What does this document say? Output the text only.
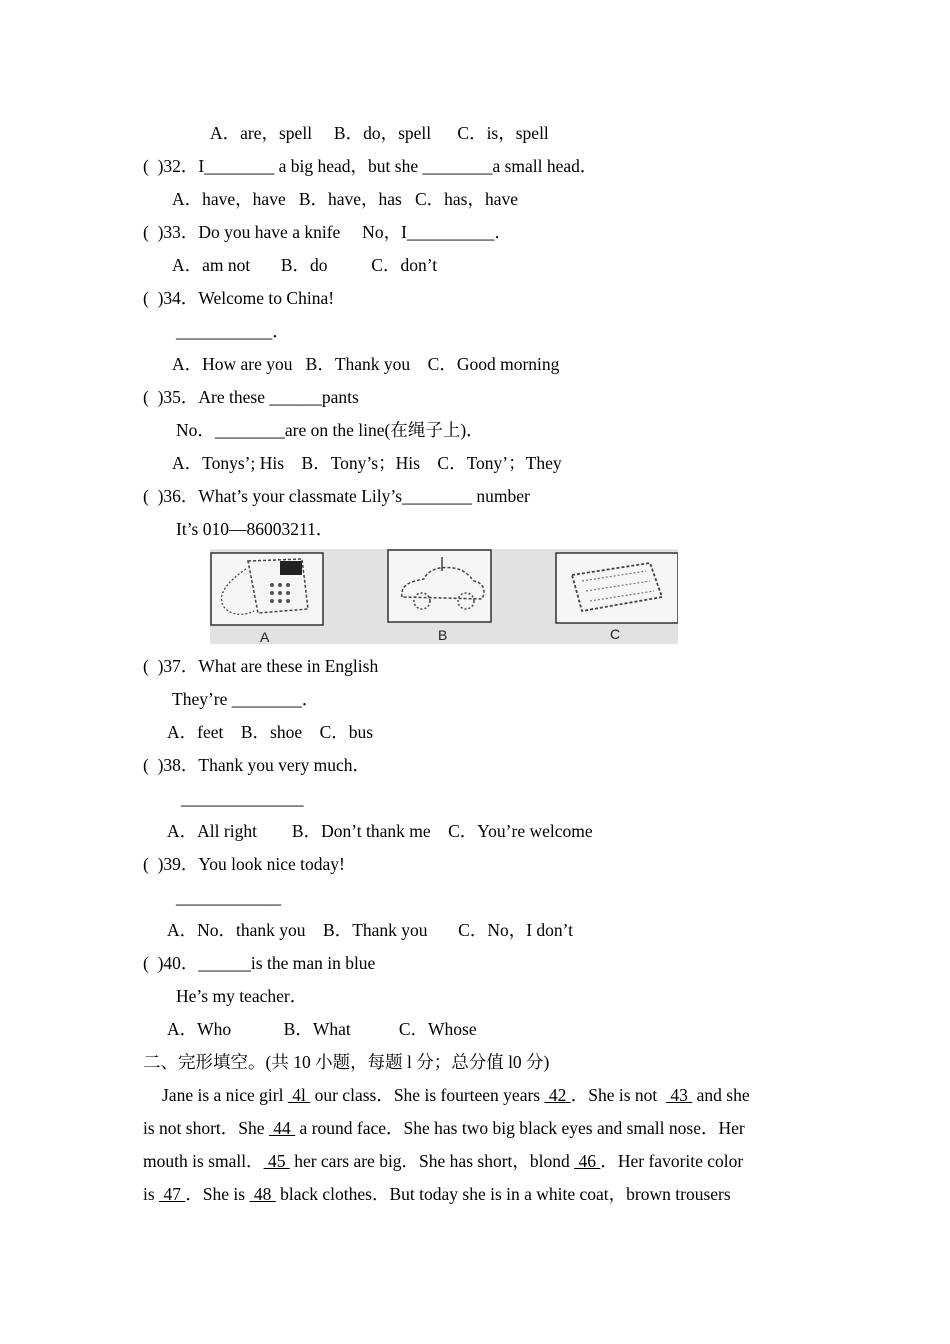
A．are，spell     B．do，spell      C．is，spell
(  )32．I________ a big head，but she ________a small head．
A．have，have   B．have，has   C．has，have
(  )33．Do you have a knife     No，I__________．
A．am not       B．do          C．don’t
(  )34．Welcome to China!
___________．
A．How are you   B．Thank you    C．Good morning
(  )35．Are these ______pants
No．________are on the line(在绳子上)．
A．Tonys’; His    B．Tony’s；His    C．Tony’；They
(  )36．What’s your classmate Lily’s________ number
It’s 010—86003211．
A	B	C
(  )37．What are these in English
They’re ________．
A．feet    B．shoe    C．bus
(  )38．Thank you very much．
______________
A．All right        B．Don’t thank me    C．You’re welcome
(  )39．You look nice today!
____________
A．No．thank you    B．Thank you       C．No，I don’t
(  )40．______is the man in blue
He’s my teacher．
A．Who            B．What           C．Whose
二、完形填空。(共 10 小题，每题 l 分；总分值 l0 分)
Jane is a nice girl  4l  our class．She is fourteen years  42 ．She is not   43  and she
is not short．She  44  a round face．She has two big black eyes and small nose．Her
mouth is small． 45  her cars are big．She has short，blond  46 ．Her favorite color
is  47 ．She is  48  black clothes．But today she is in a white coat，brown trousers
